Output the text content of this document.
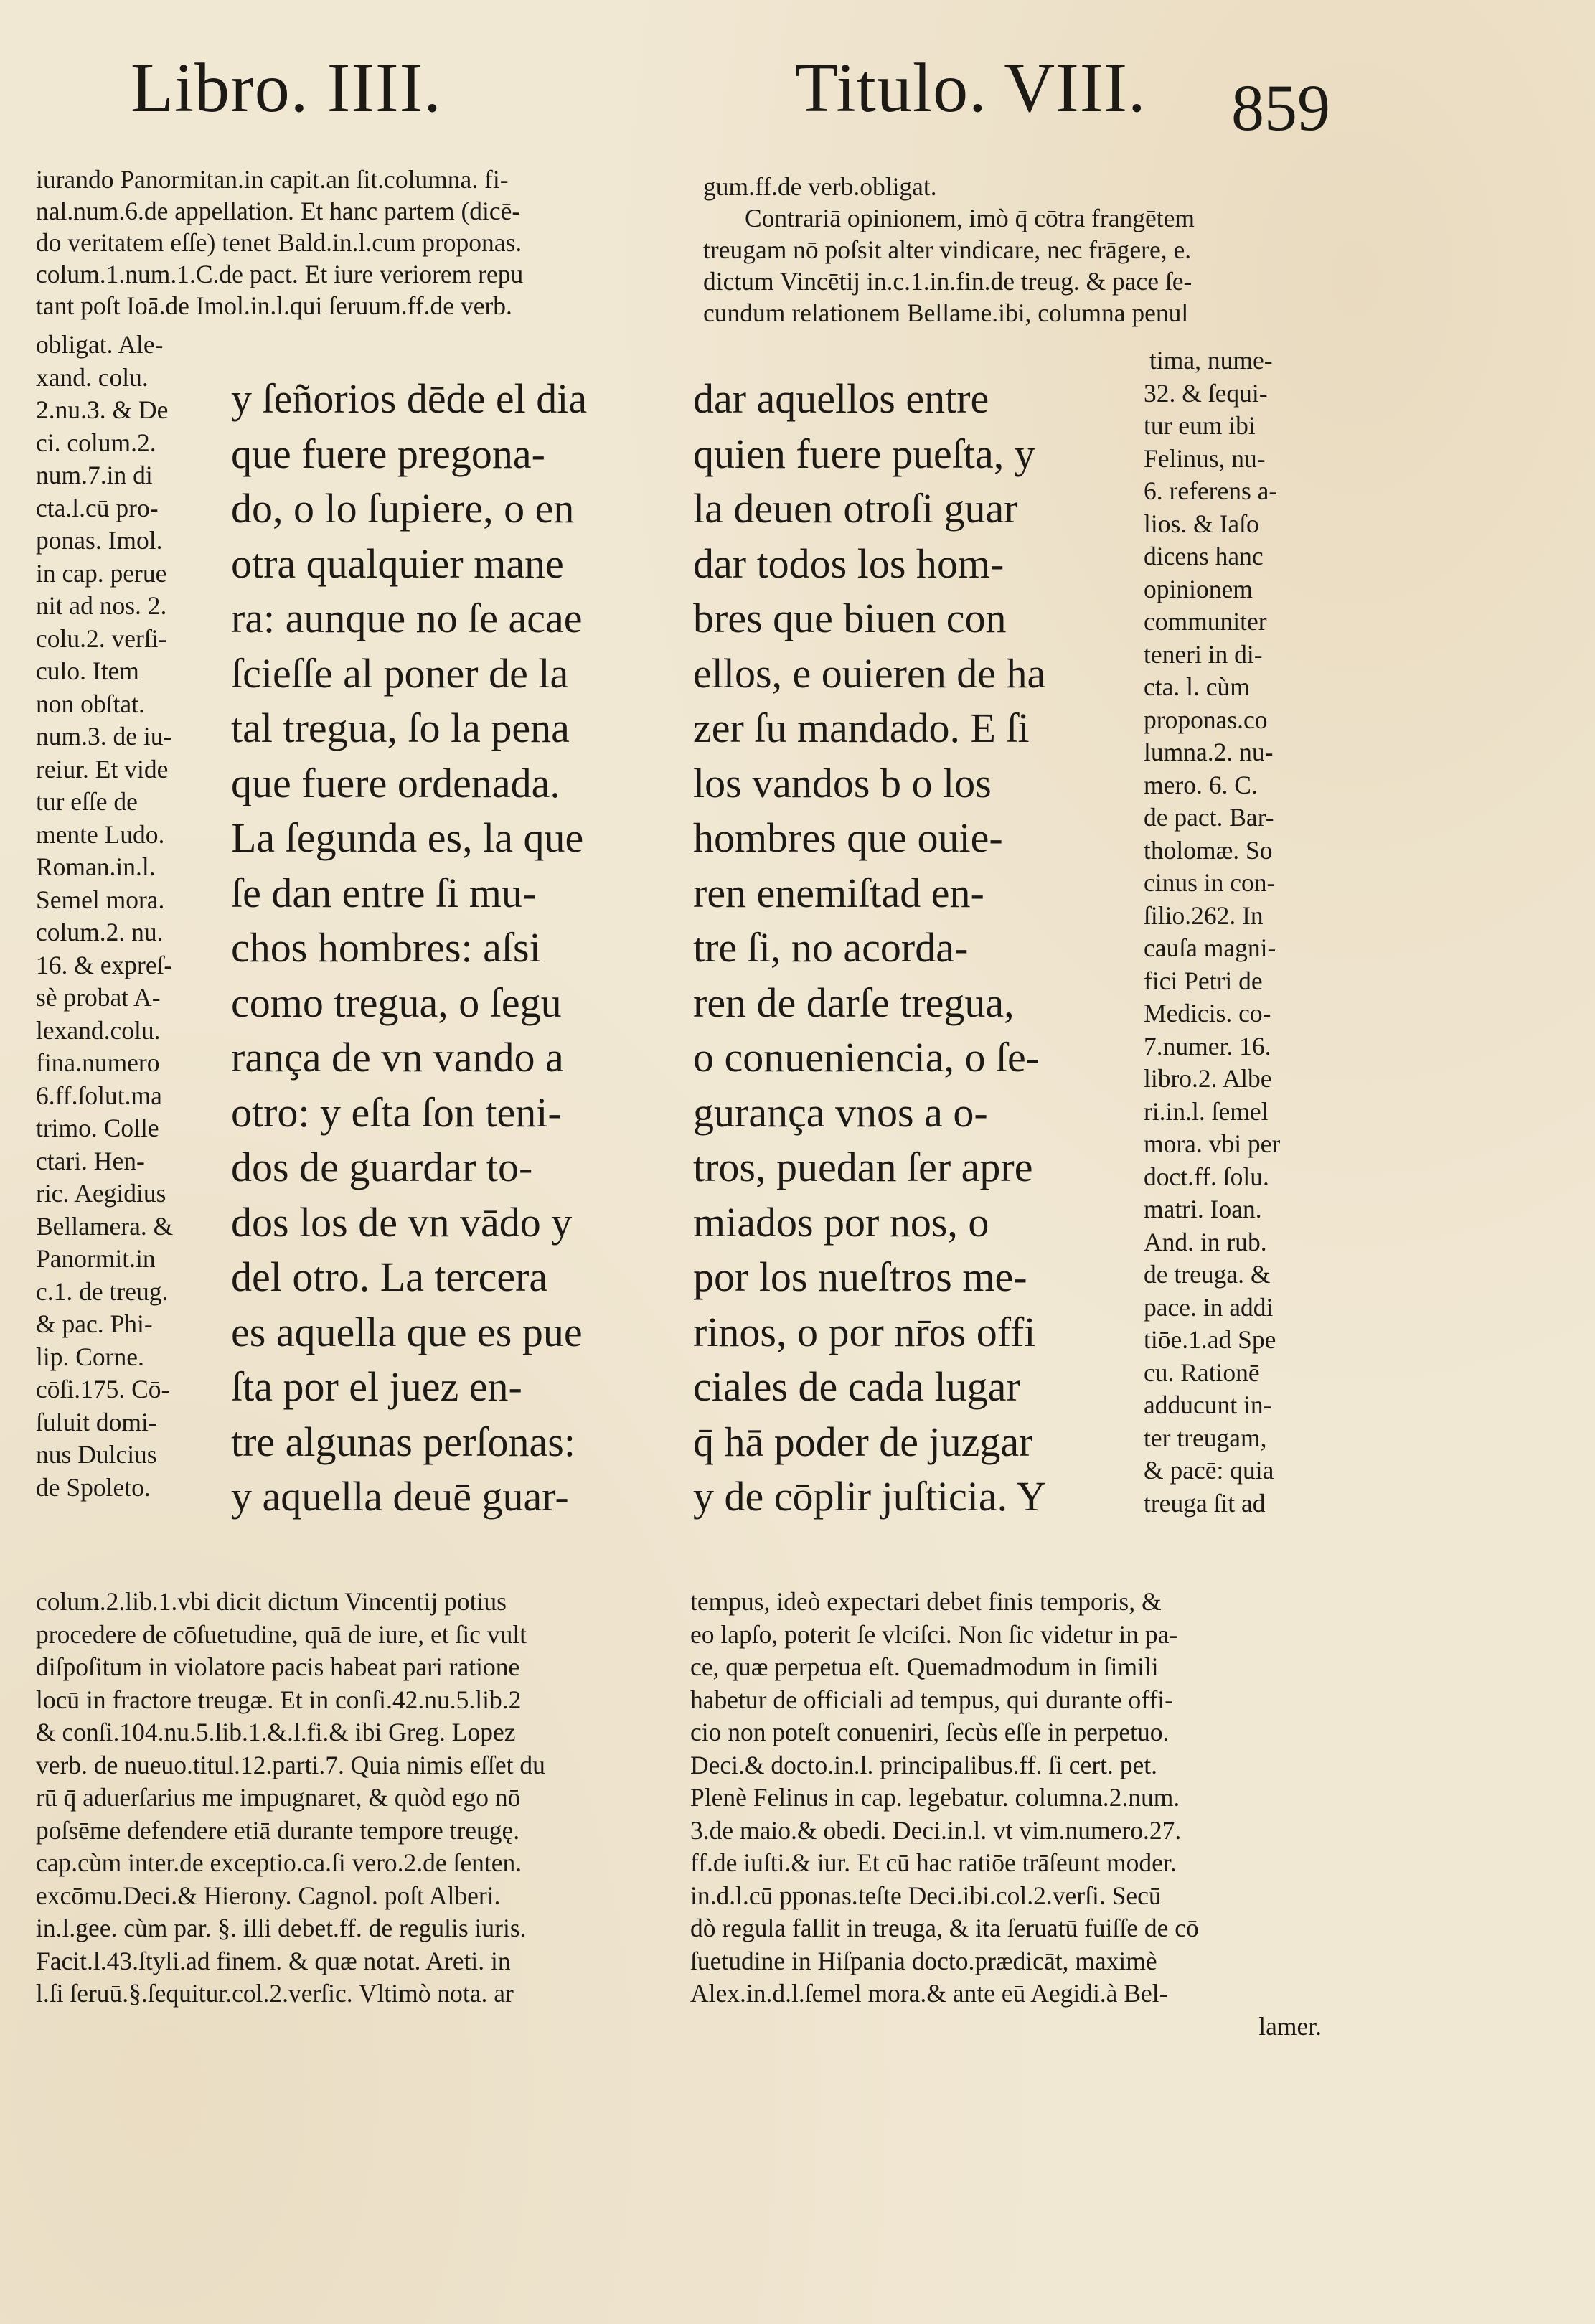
Libro. IIII.	Titulo. VIII. 859
iurando Panormitan.in capit.an ſit.columna. fi-
nal.num.6.de appellation. Et hanc partem (dicē-
do veritatem eſſe) tenet Bald.in.l.cum proponas.
colum.1.num.1.C.de pact. Et iure veriorem repu
tant poſt Ioā.de Imol.in.l.qui ſeruum.ff.de verb.
gum.ff.de verb.obligat.
Contrariā opinionem, imò q̄ cōtra frangētem
treugam nō poſsit alter vindicare, nec frāgere, e.
dictum Vincētij in.c.1.in.fin.de treug. & pace ſe-
cundum relationem Bellame.ibi, columna penul
obligat. Ale-
xand. colu.
2.nu.3. & De
ci. colum.2.
num.7.in di
cta.l.cū pro-
ponas. Imol.
in cap. perue
nit ad nos. 2.
colu.2. verſi-
culo. Item
non obſtat.
num.3. de iu-
reiur. Et vide
tur eſſe de
mente Ludo.
Roman.in.l.
Semel mora.
colum.2. nu.
16. & expreſ-
sè probat A-
lexand.colu.
fina.numero
6.ff.ſolut.ma
trimo. Colle
ctari. Hen-
ric. Aegidius
Bellamera. &
Panormit.in
c.1. de treug.
& pac. Phi-
lip. Corne.
cōſi.175. Cō-
ſuluit domi-
nus Dulcius
de Spoleto.
y ſeñorios dēde el dia
que fuere pregona-
do, o lo ſupiere, o en
otra qualquier mane
ra: aunque no ſe acae
ſcieſſe al poner de la
tal tregua, ſo la pena
que fuere ordenada.
La ſegunda es, la que
ſe dan entre ſi mu-
chos hombres: aſsi
como tregua, o ſegu
rança de vn vando a
otro: y eſta ſon teni-
dos de guardar to-
dos los de vn vādo y
del otro. La tercera
es aquella que es pue
ſta por el juez en-
tre algunas perſonas:
y aquella deuē guar-
dar aquellos entre
quien fuere pueſta, y
la deuen otroſi guar
dar todos los hom-
bres que biuen con
ellos, e ouieren de ha
zer ſu mandado. E ſi
los vandos b o los
hombres que ouie-
ren enemiſtad en-
tre ſi, no acorda-
ren de darſe tregua,
o conueniencia, o ſe-
gurança vnos a o-
tros, puedan ſer apre
miados por nos, o
por los nueſtros me-
rinos, o por nr̄os offi
ciales de cada lugar
q̄ hā poder de juzgar
y de cōplir juſticia. Y
tima, nume-
32. & ſequi-
tur eum ibi
Felinus, nu-
6. referens a-
lios. & Iaſo
dicens hanc
opinionem
communiter
teneri in di-
cta. l. cùm
proponas.co
lumna.2. nu-
mero. 6. C.
de pact. Bar-
tholomæ. So
cinus in con-
ſilio.262. In
cauſa magni-
fici Petri de
Medicis. co-
7.numer. 16.
libro.2. Albe
ri.in.l. ſemel
mora. vbi per
doct.ff. ſolu.
matri. Ioan.
And. in rub.
de treuga. &
pace. in addi
tiōe.1.ad Spe
cu. Rationē
adducunt in-
ter treugam,
& pacē: quia
treuga ſit ad
colum.2.lib.1.vbi dicit dictum Vincentij potius
procedere de cōſuetudine, quā de iure, et ſic vult
diſpoſitum in violatore pacis habeat pari ratione
locū in fractore treugæ. Et in conſi.42.nu.5.lib.2
& conſi.104.nu.5.lib.1.&.l.fi.& ibi Greg. Lopez
verb. de nueuo.titul.12.parti.7. Quia nimis eſſet du
rū q̄ aduerſarius me impugnaret, & quòd ego nō
poſsēme defendere etiā durante tempore treugę.
cap.cùm inter.de exceptio.ca.ſi vero.2.de ſenten.
excōmu.Deci.& Hierony. Cagnol. poſt Alberi.
in.l.gee. cùm par. §. illi debet.ff. de regulis iuris.
Facit.l.43.ſtyli.ad finem. & quæ notat. Areti. in
l.ſi ſeruū.§.ſequitur.col.2.verſic. Vltimò nota. ar
tempus, ideò expectari debet finis temporis, &
eo lapſo, poterit ſe vlciſci. Non ſic videtur in pa-
ce, quæ perpetua eſt. Quemadmodum in ſimili
habetur de officiali ad tempus, qui durante offi-
cio non poteſt conueniri, ſecùs eſſe in perpetuo.
Deci.& docto.in.l. principalibus.ff. ſi cert. pet.
Plenè Felinus in cap. legebatur. columna.2.num.
3.de maio.& obedi. Deci.in.l. vt vim.numero.27.
ff.de iuſti.& iur. Et cū hac ratiōe trāſeunt moder.
in.d.l.cū pponas.teſte Deci.ibi.col.2.verſi. Secū
dò regula fallit in treuga, & ita ſeruatū fuiſſe de cō
ſuetudine in Hiſpania docto.prædicāt, maximè
Alex.in.d.l.ſemel mora.& ante eū Aegidi.à Bel-
lamer.
